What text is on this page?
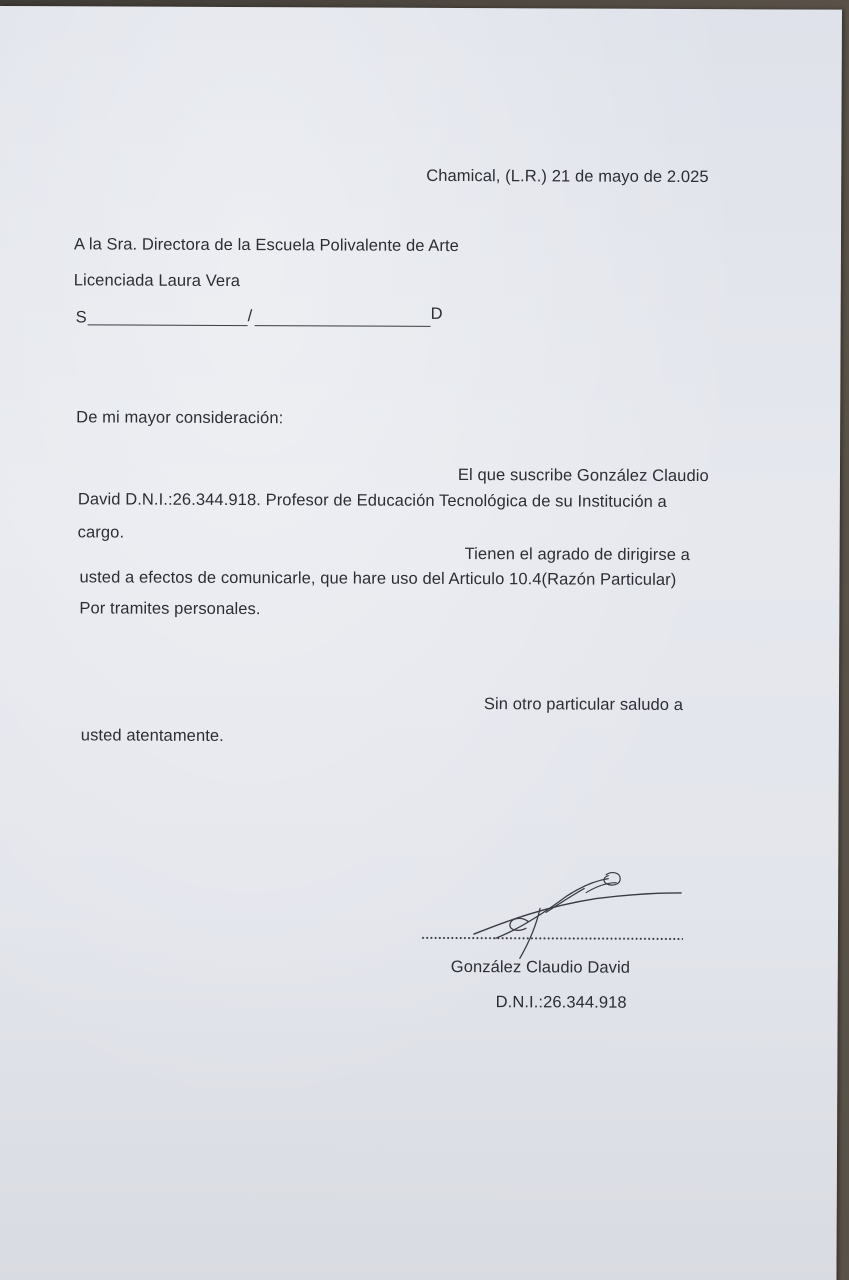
Chamical, (L.R.) 21 de mayo de 2.025
A la Sra. Directora de la Escuela Polivalente de Arte
Licenciada Laura Vera
S	/	D
De mi mayor consideración:
El que suscribe González Claudio
David D.N.I.:26.344.918. Profesor de Educación Tecnológica de su Institución a
cargo.
Tienen el agrado de dirigirse a
usted a efectos de comunicarle, que hare uso del Articulo 10.4(Razón Particular)
Por tramites personales.
Sin otro particular saludo a
usted atentamente.
González Claudio David
D.N.I.:26.344.918
